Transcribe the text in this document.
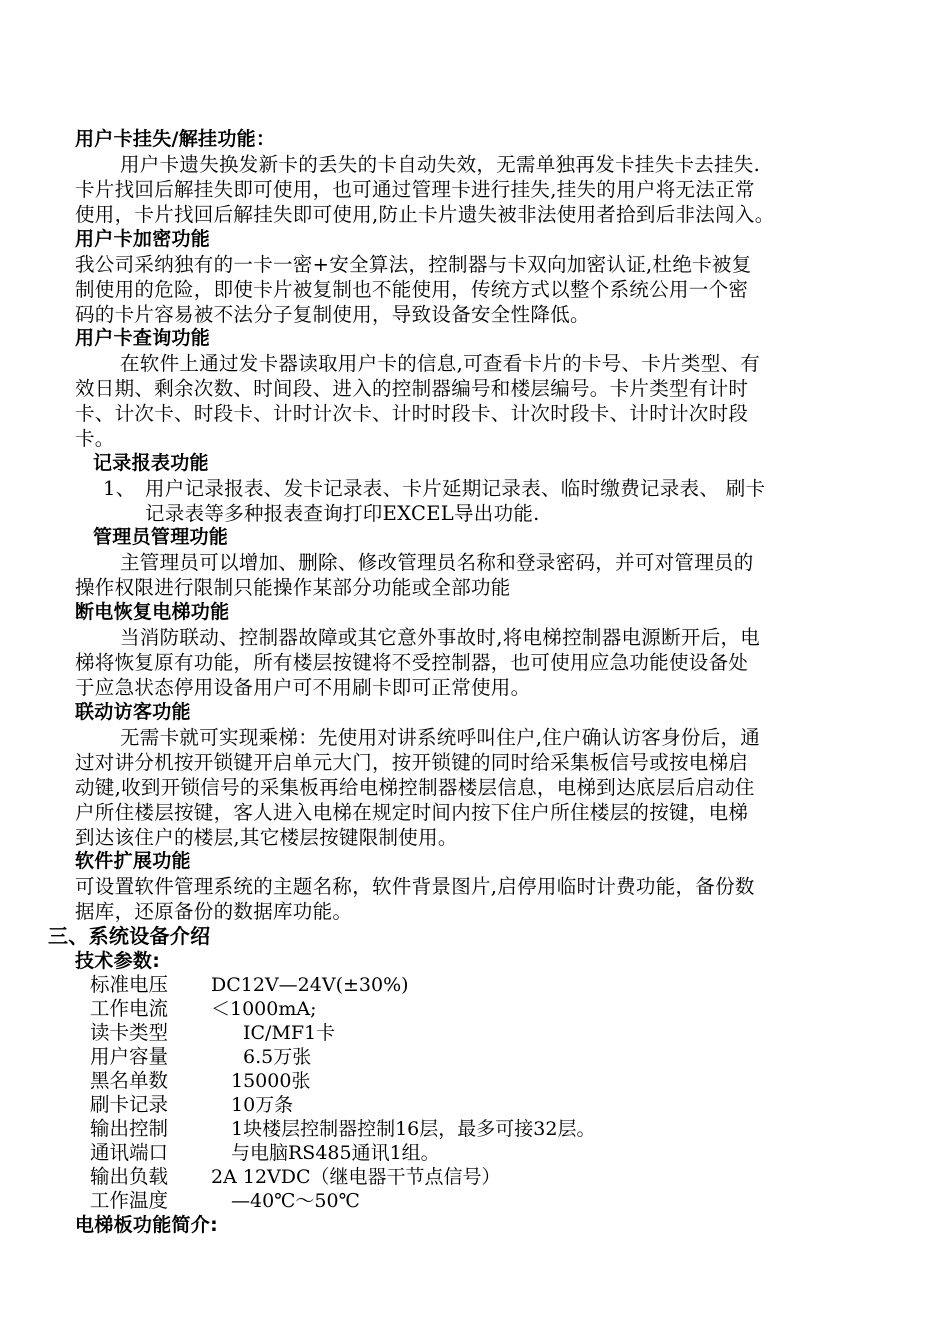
用户卡挂失/解挂功能：
用户卡遗失换发新卡的丢失的卡自动失效，无需单独再发卡挂失卡去挂失.
卡片找回后解挂失即可使用，也可通过管理卡进行挂失,挂失的用户将无法正常
使用，卡片找回后解挂失即可使用,防止卡片遗失被非法使用者拾到后非法闯入。
用户卡加密功能
我公司采纳独有的一卡一密+安全算法，控制器与卡双向加密认证,杜绝卡被复
制使用的危险，即使卡片被复制也不能使用，传统方式以整个系统公用一个密
码的卡片容易被不法分子复制使用，导致设备安全性降低。
用户卡查询功能
在软件上通过发卡器读取用户卡的信息,可查看卡片的卡号、卡片类型、有
效日期、剩余次数、时间段、进入的控制器编号和楼层编号。卡片类型有计时
卡、计次卡、时段卡、计时计次卡、计时时段卡、计次时段卡、计时计次时段
卡。
记录报表功能
1、 用户记录报表、发卡记录表、卡片延期记录表、临时缴费记录表、 刷卡
记录表等多种报表查询打印EXCEL导出功能.
管理员管理功能
主管理员可以增加、删除、修改管理员名称和登录密码，并可对管理员的
操作权限进行限制只能操作某部分功能或全部功能
断电恢复电梯功能
当消防联动、控制器故障或其它意外事故时,将电梯控制器电源断开后，电
梯将恢复原有功能，所有楼层按键将不受控制器，也可使用应急功能使设备处
于应急状态停用设备用户可不用刷卡即可正常使用。
联动访客功能
无需卡就可实现乘梯：先使用对讲系统呼叫住户,住户确认访客身份后，通
过对讲分机按开锁键开启单元大门，按开锁键的同时给采集板信号或按电梯启
动键,收到开锁信号的采集板再给电梯控制器楼层信息，电梯到达底层后启动住
户所住楼层按键，客人进入电梯在规定时间内按下住户所住楼层的按键，电梯
到达该住户的楼层,其它楼层按键限制使用。
软件扩展功能
可设置软件管理系统的主题名称，软件背景图片,启停用临时计费功能，备份数
据库，还原备份的数据库功能。
三、系统设备介绍
技术参数:
标准电压 DC12V—24V(±30%)
工作电流 ＜1000mA;
读卡类型	IC/MF1卡
用户容量	6.5万张
黑名单数	15000张
刷卡记录	10万条
输出控制	1块楼层控制器控制16层，最多可接32层。
通讯端口	与电脑RS485通讯1组。
输出负载 2A 12VDC（继电器干节点信号）
工作温度	—40℃～50℃
电梯板功能简介:
